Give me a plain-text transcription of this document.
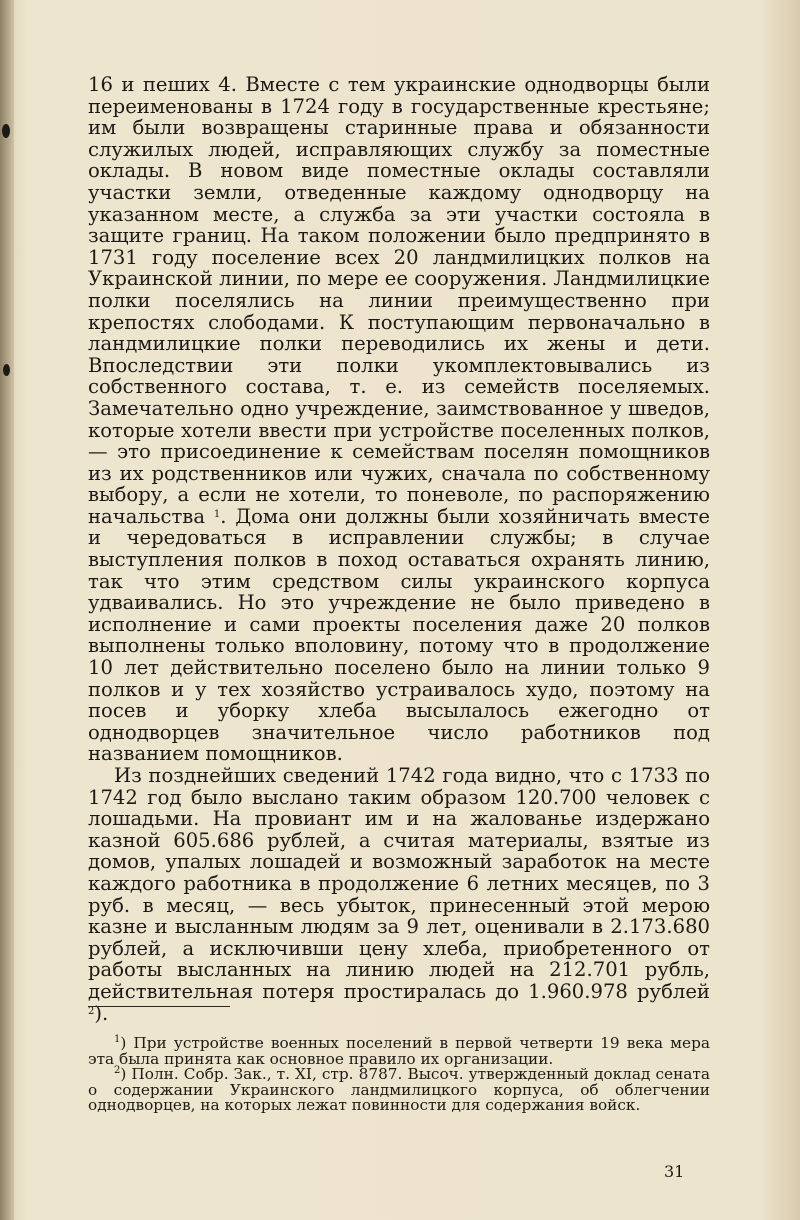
16 и пеших 4. Вместе с тем украинские однодворцы были переименованы в 1724 году в государственные крестьяне; им были возвращены старинные права и обязанности служилых людей, исправляющих службу за поместные оклады. В новом виде поместные оклады составляли участки земли, отведенные каждому однодворцу на указанном месте, а служба за эти участки состояла в защите границ. На таком положении было предпринято в 1731 году поселение всех 20 ландмилицких полков на Украинской линии, по мере ее сооружения. Ландмилицкие полки поселялись на линии преимущественно при крепостях слободами. К поступающим первоначально в ландмилицкие полки переводились их жены и дети. Впоследствии эти полки укомплектовывались из собственного состава, т. е. из семейств поселяемых. Замечательно одно учреждение, заимствованное у шведов, которые хотели ввести при устройстве поселенных полков, — это присоединение к семействам поселян помощников из их родственников или чужих, сначала по собственному выбору, а если не хотели, то поневоле, по распоряжению начальства $^1$. Дома они должны были хозяйничать вместе и чередоваться в исправлении службы; в случае выступления полков в поход оставаться охранять линию, так что этим средством силы украинского корпуса удваивались. Но это учреждение не было приведено в исполнение и сами проекты поселения даже 20 полков выполнены только вполовину, потому что в продолжение 10 лет действительно поселено было на линии только 9 полков и у тех хозяйство устраивалось худо, поэтому на посев и уборку хлеба высылалось ежегодно от однодворцев значительное число работников под названием помощников.

Из позднейших сведений 1742 года видно, что с 1733 по 1742 год было выслано таким образом 120.700 человек с лошадьми. На провиант им и на жалованье издержано казной 605.686 рублей, а считая материалы, взятые из домов, упалых лошадей и возможный заработок на месте каждого работника в продолжение 6 летних месяцев, по 3 руб. в месяц, — весь убыток, принесенный этой мерою казне и высланным людям за 9 лет, оценивали в 2.173.680 рублей, а исключивши цену хлеба, приобретенного от работы высланных на линию людей на 212.701 рубль, действительная потеря простиралась до 1.960.978 рублей $^2$).

$^1$) При устройстве военных поселений в первой четверти 19 века мера эта была принята как основное правило их организации.

$^2$) Полн. Собр. Зак., т. XI, стр. 8787. Высоч. утвержденный доклад сената о содержании Украинского ландмилицкого корпуса, об облегчении однодворцев, на которых лежат повинности для содержания войск.

31
